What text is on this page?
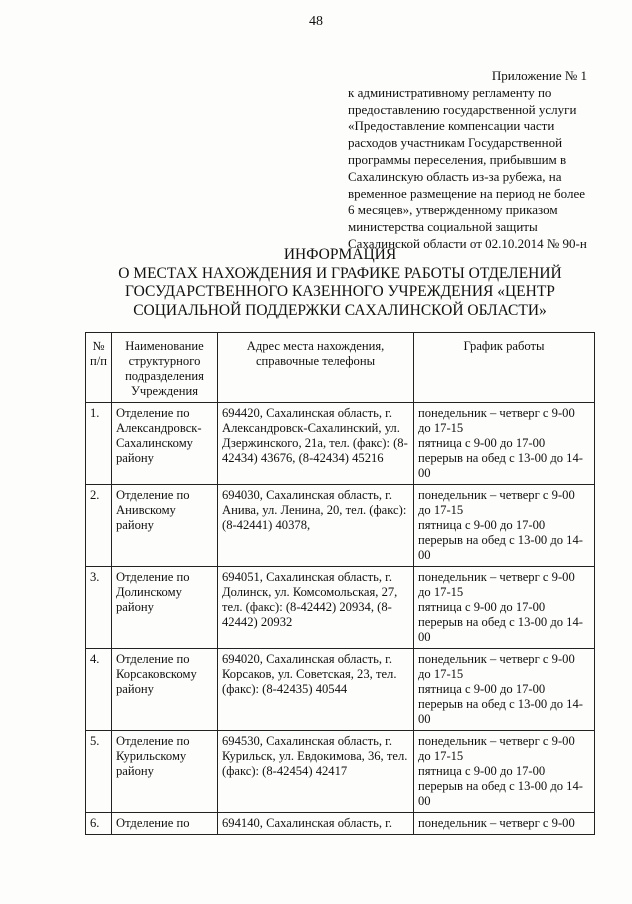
48
Приложение № 1
к административному регламенту по
предоставлению государственной услуги
«Предоставление компенсации части
расходов участникам Государственной
программы переселения, прибывшим в
Сахалинскую область из-за рубежа, на
временное размещение на период не более
6 месяцев», утвержденному приказом
министерства социальной защиты
Сахалинской области от 02.10.2014 № 90-н
ИНФОРМАЦИЯ
О МЕСТАХ НАХОЖДЕНИЯ И ГРАФИКЕ РАБОТЫ ОТДЕЛЕНИЙ
ГОСУДАРСТВЕННОГО КАЗЕННОГО УЧРЕЖДЕНИЯ «ЦЕНТР
СОЦИАЛЬНОЙ ПОДДЕРЖКИ САХАЛИНСКОЙ ОБЛАСТИ»
№ п/п	Наименование структурного подразделения Учреждения	Адрес места нахождения, справочные телефоны	График работы
1.	Отделение по Александровск-Сахалинскому району	694420, Сахалинская область, г. Александровск-Сахалинский, ул. Дзержинского, 21а, тел. (факс): (8-42434) 43676, (8-42434) 45216	понедельник – четверг с 9-00 до 17-15
пятница с 9-00 до 17-00
перерыв на обед с 13-00 до 14-00

2.	Отделение по Анивскому району	694030, Сахалинская область, г. Анива, ул. Ленина, 20, тел. (факс): (8-42441) 40378,	понедельник – четверг с 9-00 до 17-15
пятница с 9-00 до 17-00
перерыв на обед с 13-00 до 14-00

3.	Отделение по Долинскому району	694051, Сахалинская область, г. Долинск, ул. Комсомольская, 27, тел. (факс): (8-42442) 20934, (8-42442) 20932	понедельник – четверг с 9-00 до 17-15
пятница с 9-00 до 17-00
перерыв на обед с 13-00 до 14-00

4.	Отделение по Корсаковскому району	694020, Сахалинская область, г. Корсаков, ул. Советская, 23, тел. (факс): (8-42435) 40544	понедельник – четверг с 9-00 до 17-15
пятница с 9-00 до 17-00
перерыв на обед с 13-00 до 14-00

5.	Отделение по Курильскому району	694530, Сахалинская область, г. Курильск, ул. Евдокимова, 36, тел. (факс): (8-42454) 42417	понедельник – четверг с 9-00 до 17-15
пятница с 9-00 до 17-00
перерыв на обед с 13-00 до 14-00

6.	Отделение по	694140, Сахалинская область, г.	понедельник – четверг с 9-00
